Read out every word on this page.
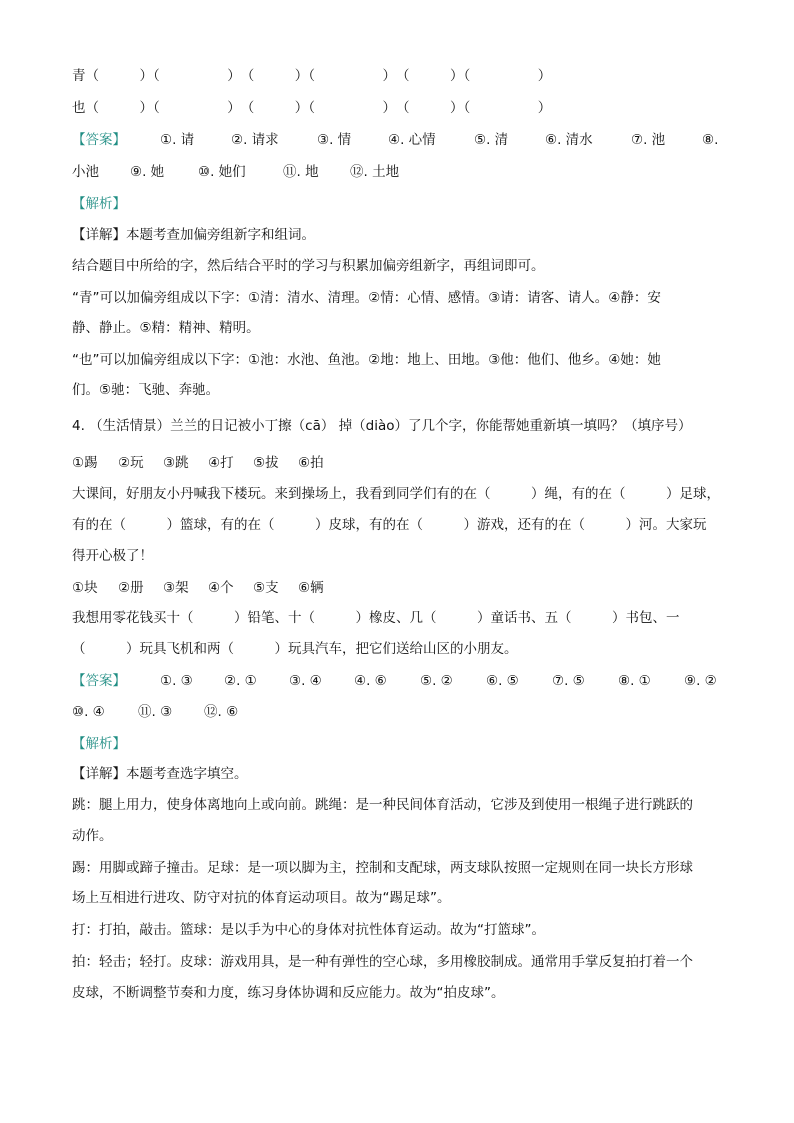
青（　　　）（　　　　　）　（　　　）（　　　　　）　（　　　）（　　　　　）
也（　　　）（　　　　　）　（　　　）（　　　　　）　（　　　）（　　　　　）
【答案】	①. 请	②. 请求	③. 情	④. 心情	⑤. 清	⑥. 清水	⑦. 池	⑧.
小池 ⑨. 她	⑩. 她们	⑪. 地 ⑫. 土地
【解析】
【详解】本题考查加偏旁组新字和组词。
结合题目中所给的字，然后结合平时的学习与积累加偏旁组新字，再组词即可。
“青”可以加偏旁组成以下字：①清：清水、清理。②情：心情、感情。③请：请客、请人。④静：安
静、静止。⑤精：精神、精明。
“也”可以加偏旁组成以下字：①池：水池、鱼池。②地：地上、田地。③他：他们、他乡。④她：她
们。⑤驰：飞驰、奔驰。
4. （生活情景）兰兰的日记被小丁擦（cā） 掉（diào）了几个字，你能帮她重新填一填吗？（填序号）
①踢 ②玩 ③跳 ④打 ⑤拔 ⑥拍
大课间，好朋友小丹喊我下楼玩。来到操场上，我看到同学们有的在（　　　）绳，有的在（　　　）足球，
有的在（　　　）篮球，有的在（　　　）皮球，有的在（　　　）游戏，还有的在（　　　）河。大家玩
得开心极了！
①块 ②册 ③架 ④个 ⑤支 ⑥辆
我想用零花钱买十（　　　）铅笔、十（　　　）橡皮、几（　　　）童话书、五（　　　）书包、一
（　　　）玩具飞机和两（　　　）玩具汽车，把它们送给山区的小朋友。
【答案】	①. ③ ②. ① ③. ④ ④. ⑥ ⑤. ② ⑥. ⑤ ⑦. ⑤ ⑧. ① ⑨. ②
⑩. ④ ⑪. ③ ⑫. ⑥
【解析】
【详解】本题考查选字填空。
跳：腿上用力，使身体离地向上或向前。跳绳：是一种民间体育活动，它涉及到使用一根绳子进行跳跃的
动作。
踢：用脚或蹄子撞击。足球：是一项以脚为主，控制和支配球，两支球队按照一定规则在同一块长方形球
场上互相进行进攻、防守对抗的体育运动项目。故为“踢足球”。
打：打拍，敲击。篮球：是以手为中心的身体对抗性体育运动。故为“打篮球”。
拍：轻击；轻打。皮球：游戏用具，是一种有弹性的空心球，多用橡胶制成。通常用手掌反复拍打着一个
皮球，不断调整节奏和力度，练习身体协调和反应能力。故为“拍皮球”。
